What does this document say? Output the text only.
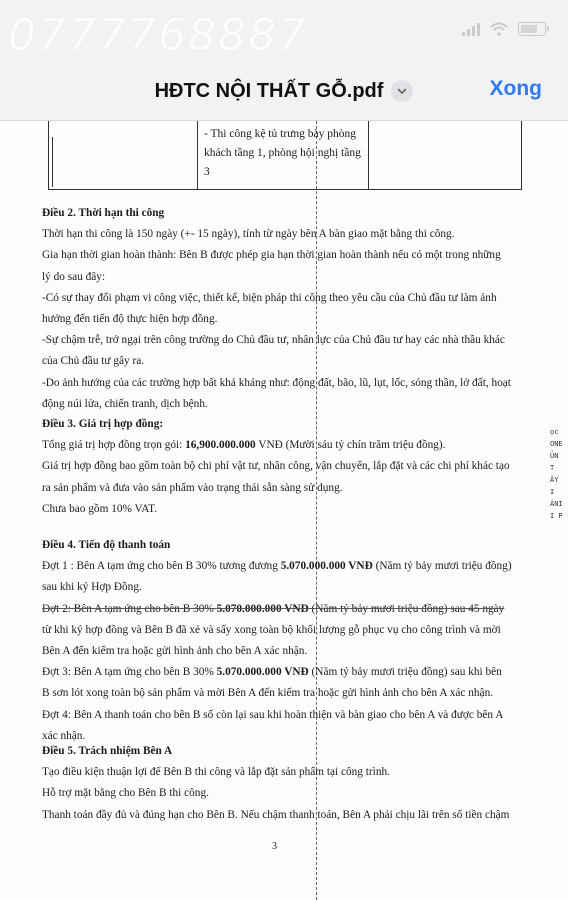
0777768887
HĐTC NỘI THẤT GỖ.pdf	Xong
- Thi công kệ tủ trưng bày phòng
khách tầng 1, phòng hội nghị tầng
3
Điều 2. Thời hạn thi công

Thời hạn thi công là 150 ngày (+- 15 ngày), tính từ ngày bên A bàn giao mặt bằng thi công.

Gia hạn thời gian hoàn thành: Bên B được phép gia hạn thời gian hoàn thành nếu có một trong những

lý do sau đây:

-Có sự thay đổi phạm vi công việc, thiết kế, biện pháp thi công theo yêu cầu của Chủ đầu tư làm ảnh

hưởng đến tiến độ thực hiện hợp đồng.

-Sự chậm trễ, trở ngại trên công trường do Chủ đầu tư, nhân lực của Chủ đầu tư hay các nhà thầu khác

của Chủ đầu tư gây ra.

-Do ảnh hưởng của các trường hợp bất khả kháng như: động đất, bão, lũ, lụt, lốc, sóng thần, lở đất, hoạt

động núi lửa, chiến tranh, dịch bệnh.

Điều 3. Giá trị hợp đồng:

Tổng giá trị hợp đồng trọn gói: 16,900.000.000 VNĐ (Mười sáu tỷ chín trăm triệu đồng).

Giá trị hợp đồng bao gồm toàn bộ chi phí vật tư, nhân công, vận chuyển, lắp đặt và các chi phí khác tạo

ra sản phẩm và đưa vào sản phẩm vào trạng thái sẵn sàng sử dụng.

Chưa bao gồm 10% VAT.

Điều 4. Tiến độ thanh toán

Đợt 1 : Bên A tạm ứng cho bên B 30% tương đương 5.070.000.000 VNĐ (Năm tỷ bảy mươi triệu đồng)

sau khi ký Hợp Đồng.

Đợt 2: Bên A tạm ứng cho bên B 30% 5.070.000.000 VNĐ (Năm tỷ bảy mươi triệu đồng) sau 45 ngày

từ khi ký hợp đồng và Bên B đã xẻ và sấy xong toàn bộ khối lượng gỗ phục vụ cho công trình và mời

Bên A đến kiểm tra hoặc gửi hình ảnh cho bên A xác nhận.

Đợt 3: Bên A tạm ứng cho bên B 30% 5.070.000.000 VNĐ (Năm tỷ bảy mươi triệu đồng) sau khi bên

B sơn lót xong toàn bộ sản phẩm và mời Bên A đến kiểm tra hoặc gửi hình ảnh cho bên A xác nhận.

Đợt 4: Bên A thanh toán cho bên B số còn lại sau khi hoàn thiện và bàn giao cho bên A và được bên A

xác nhận.

Điều 5. Trách nhiệm Bên A

Tạo điều kiện thuận lợi để Bên B thi công và lắp đặt sản phẩm tại công trình.

Hỗ trợ mặt bằng cho Bên B thi công.

Thanh toán đầy đủ và đúng hạn cho Bên B. Nếu chậm thanh toán, Bên A phải chịu lãi trên số tiền chậm

ọc
ONE
ỦN T
ÂY I
ÁNI
I P
3
